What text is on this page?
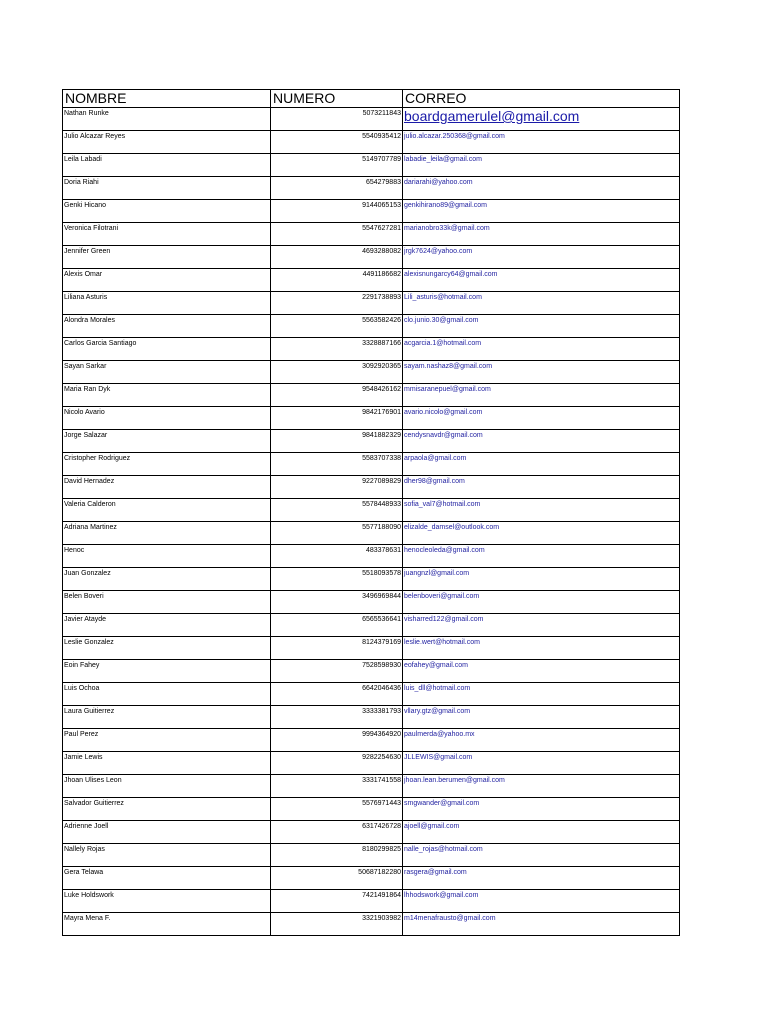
NOMBRE	NUMERO	CORREO
Nathan Runke	5073211843	boardgamerulel@gmail.com
Julio Alcazar Reyes	5540935412	julio.alcazar.250368@gmail.com
Leila Labadi	5149707789	labadie_leila@gmail.com
Doria Riahi	654279883	dariarahi@yahoo.com
Genki Hicano	9144065153	genkihirano89@gmail.com
Veronica Filotrani	5547627281	marianobro33k@gmail.com
Jennifer Green	4693288082	jrgk7624@yahoo.com
Alexis Omar	4491186682	alexisnungarcy64@gmail.com
Liliana Asturis	2291738893	Lili_asturis@hotmail.com
Alondra Morales	5563582426	clo.junio.30@gmail.com
Carlos Garcia Santiago	3328887166	acgarcia.1@hotmail.com
Sayan Sarkar	3092920365	sayam.nashaz8@gmail.com
Maria Ran Dyk	9548426162	mmisaranepuel@gmail.com
Nicolo Avario	9842176901	avario.nicolo@gmail.com
Jorge Salazar	9841882329	cendysnavdr@gmail.com
Cristopher Rodriguez	5583707338	arpaola@gmail.com
David Hernadez	9227089829	dher98@gmail.com
Valeria Calderon	5578448933	sofia_val7@hotmail.com
Adriana Martinez	5577188090	elizalde_damsel@outlook.com
Henoc	483378631	henocleoleda@gmail.com
Juan Gonzalez	5518093578	juangnzl@gmail.com
Belen Boveri	3496969844	belenboveri@gmail.com
Javier Atayde	6565536641	visharred122@gmail.com
Leslie Gonzalez	8124379169	leslie.wert@hotmail.com
Eoin Fahey	7528598930	eofahey@gmail.com
Luis Ochoa	6642046436	luis_dll@hotmail.com
Laura Guitierrez	3333381793	vllary.gtz@gmail.com
Paul Perez	9994364920	paulmerda@yahoo.mx
Jamie Lewis	9282254630	JLLEWIS@gmail.com
Jhoan Ulises Leon	3331741558	jhoan.lean.berumen@gmail.com
Salvador Guitierrez	5576971443	smgwander@gmail.com
Adrienne Joell	6317426728	ajoell@gmail.com
Nallely Rojas	8180299825	nalle_rojas@hotmail.com
Gera Telawa	50687182280	rasgera@gmail.com
Luke Holdswork	7421491864	lhhodswork@gmail.com
Mayra Mena F.	3321903982	m14menafrausto@gmail.com
